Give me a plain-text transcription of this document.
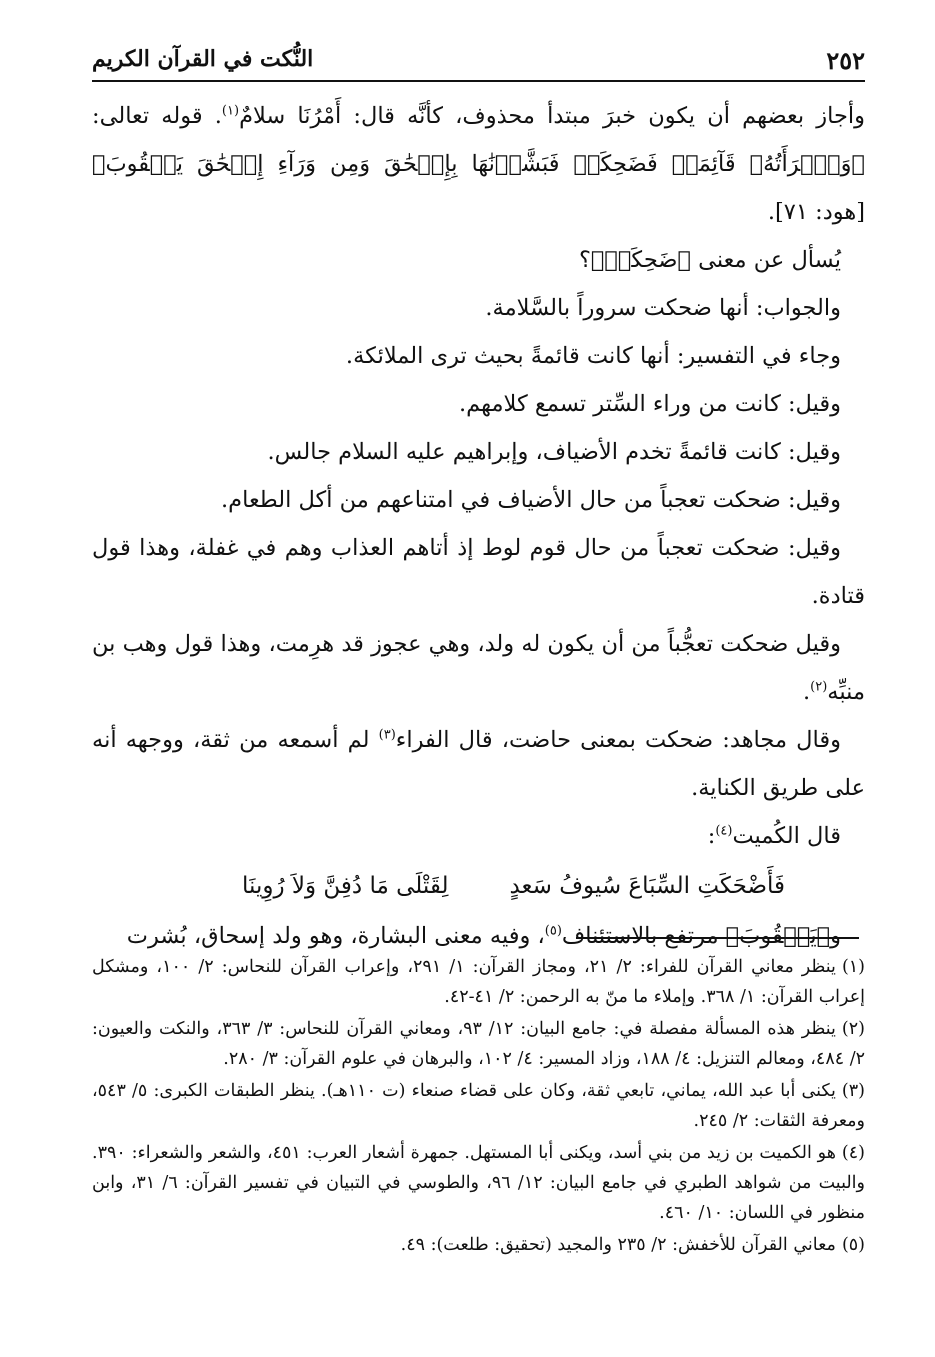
٢٥٢
النُّكت في القرآن الكريم

وأجاز بعضهم أن يكون خبرَ مبتدأ محذوف، كأنَّه قال: أَمْرُنَا سلامٌ$^{(١)}$. قوله تعالى: ﴿وَٱمۡرَأَتُهُۥ قَآئِمَةٞ فَضَحِكَتۡ فَبَشَّرۡنَٰهَا بِإِسۡحَٰقَ وَمِن وَرَآءِ إِسۡحَٰقَ يَعۡقُوبَ﴾ [هود: ٧١].

يُسأل عن معنى ﴿ضَحِكَتۡ﴾؟

والجواب: أنها ضحكت سروراً بالسَّلامة.

وجاء في التفسير: أنها كانت قائمةً بحيث ترى الملائكة.

وقيل: كانت من وراء السِّتر تسمع كلامهم.

وقيل: كانت قائمةً تخدم الأضياف، وإبراهيم عليه السلام جالس.

وقيل: ضحكت تعجباً من حال الأضياف في امتناعهم من أكل الطعام.

وقيل: ضحكت تعجباً من حال قوم لوط إذ أتاهم العذاب وهم في غفلة، وهذا قول قتادة.

وقيل ضحكت تعجُّباً من أن يكون له ولد، وهي عجوز قد هرِمت، وهذا قول وهب بن منبِّه$^{(٢)}$.

وقال مجاهد: ضحكت بمعنى حاضت، قال الفراء$^{(٣)}$ لم أسمعه من ثقة، ووجهه أنه على طريق الكناية.

قال الكُميت$^{(٤)}$:

فَأَضْحَكَتِ السِّبَاعَ سُيوفُ سَعدٍ
لِقَتْلَى مَا دُفِنَّ وَلاَ رُوِينَا

و﴿يَعۡقُوبَ﴾ مرتفع بالاستئناف$^{(٥)}$، وفيه معنى البشارة، وهو ولد إسحاق، بُشرت

(١)ينظر معاني القرآن للفراء: ٢/ ٢١، ومجاز القرآن: ١/ ٢٩١، وإعراب القرآن للنحاس: ٢/ ١٠٠، ومشكل إعراب القرآن: ١/ ٣٦٨. وإملاء ما منّ به الرحمن: ٢/ ٤١-٤٢.

(٢)ينظر هذه المسألة مفصلة في: جامع البيان: ١٢/ ٩٣، ومعاني القرآن للنحاس: ٣/ ٣٦٣، والنكت والعيون: ٢/ ٤٨٤، ومعالم التنزيل: ٤/ ١٨٨، وزاد المسير: ٤/ ١٠٢، والبرهان في علوم القرآن: ٣/ ٢٨٠.

(٣)يكنى أبا عبد الله، يماني، تابعي ثقة، وكان على قضاء صنعاء (ت ١١٠هـ). ينظر الطبقات الكبرى: ٥/ ٥٤٣، ومعرفة الثقات: ٢/ ٢٤٥.

(٤)هو الكميت بن زيد من بني أسد، ويكنى أبا المستهل. جمهرة أشعار العرب: ٤٥١، والشعر والشعراء: ٣٩٠. والبيت من شواهد الطبري في جامع البيان: ١٢/ ٩٦، والطوسي في التبيان في تفسير القرآن: ٦/ ٣١، وابن منظور في اللسان: ١٠/ ٤٦٠.

(٥)معاني القرآن للأخفش: ٢/ ٢٣٥ والمجيد (تحقيق: طلعت): ٤٩.
